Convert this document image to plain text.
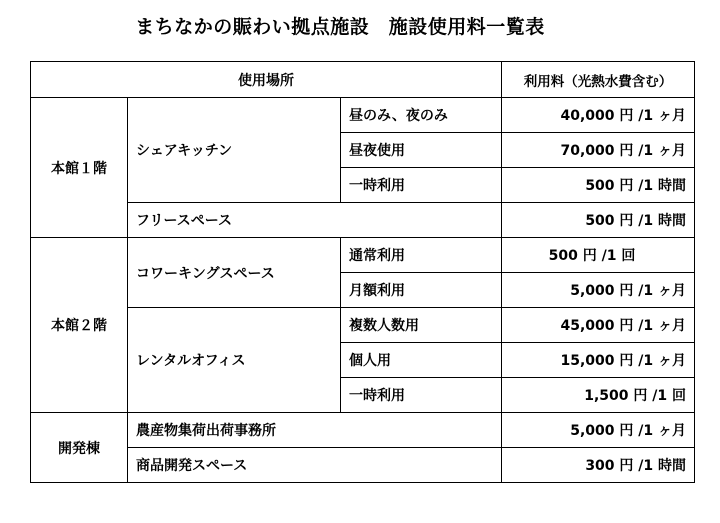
まちなかの賑わい拠点施設　施設使用料一覧表
使用場所			利用料（光熱水費含む）
本館１階	シェアキッチン	昼のみ、夜のみ	40,000 円 /1 ヶ月
		昼夜使用	70,000 円 /1 ヶ月
		一時利用	500 円 /1 時間
	フリースペース		500 円 /1 時間
本館２階	コワーキングスペース	通常利用	500 円 /1 回
		月額利用	5,000 円 /1 ヶ月
	レンタルオフィス	複数人数用	45,000 円 /1 ヶ月
		個人用	15,000 円 /1 ヶ月
		一時利用	1,500 円 /1 回
開発棟	農産物集荷出荷事務所		5,000 円 /1 ヶ月
	商品開発スペース		300 円 /1 時間
